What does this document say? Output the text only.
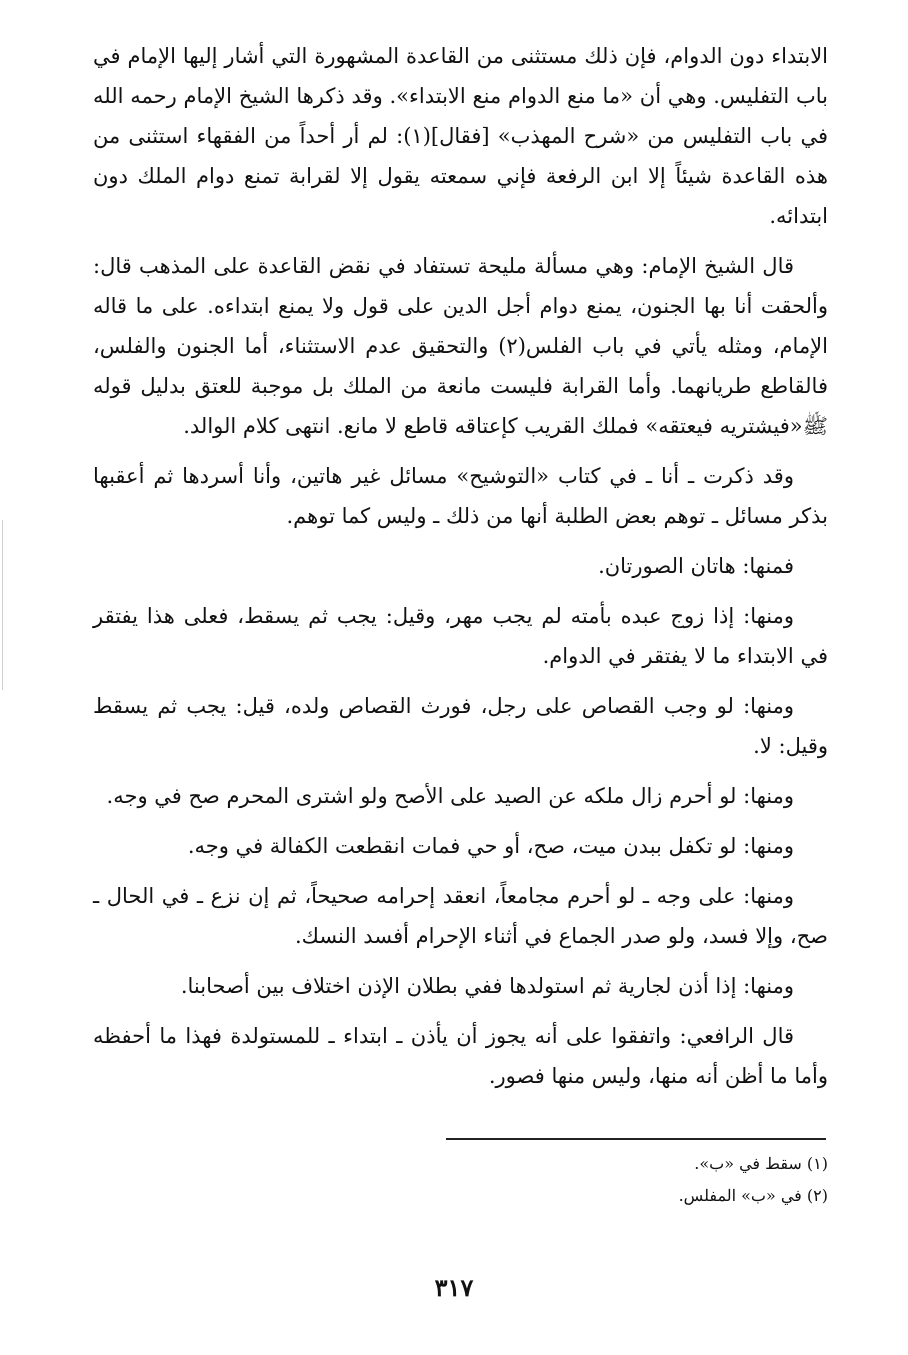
الابتداء دون الدوام، فإن ذلك مستثنى من القاعدة المشهورة التي أشار إليها الإمام في باب التفليس. وهي أن «ما منع الدوام منع الابتداء». وقد ذكرها الشيخ الإمام رحمه الله في باب التفليس من «شرح المهذب» [فقال](١): لم أر أحداً من الفقهاء استثنى من هذه القاعدة شيئاً إلا ابن الرفعة فإني سمعته يقول إلا لقرابة تمنع دوام الملك دون ابتدائه.

قال الشيخ الإمام: وهي مسألة مليحة تستفاد في نقض القاعدة على المذهب قال: وألحقت أنا بها الجنون، يمنع دوام أجل الدين على قول ولا يمنع ابتداءه. على ما قاله الإمام، ومثله يأتي في باب الفلس(٢) والتحقيق عدم الاستثناء، أما الجنون والفلس، فالقاطع طريانهما. وأما القرابة فليست مانعة من الملك بل موجبة للعتق بدليل قوله ﷺ«فيشتريه فيعتقه» فملك القريب كإعتاقه قاطع لا مانع. انتهى كلام الوالد.

وقد ذكرت ـ أنا ـ في كتاب «التوشيح» مسائل غير هاتين، وأنا أسردها ثم أعقبها بذكر مسائل ـ توهم بعض الطلبة أنها من ذلك ـ وليس كما توهم.

فمنها: هاتان الصورتان.

ومنها: إذا زوج عبده بأمته لم يجب مهر، وقيل: يجب ثم يسقط، فعلى هذا يفتقر في الابتداء ما لا يفتقر في الدوام.

ومنها: لو وجب القصاص على رجل، فورث القصاص ولده، قيل: يجب ثم يسقط وقيل: لا.

ومنها: لو أحرم زال ملكه عن الصيد على الأصح ولو اشترى المحرم صح في وجه.

ومنها: لو تكفل ببدن ميت، صح، أو حي فمات انقطعت الكفالة في وجه.

ومنها: على وجه ـ لو أحرم مجامعاً، انعقد إحرامه صحيحاً، ثم إن نزع ـ في الحال ـ صح، وإلا فسد، ولو صدر الجماع في أثناء الإحرام أفسد النسك.

ومنها: إذا أذن لجارية ثم استولدها ففي بطلان الإذن اختلاف بين أصحابنا.

قال الرافعي: واتفقوا على أنه يجوز أن يأذن ـ ابتداء ـ للمستولدة فهذا ما أحفظه وأما ما أظن أنه منها، وليس منها فصور.

(١) سقط في «ب».

(٢) في «ب» المفلس.

٣١٧
